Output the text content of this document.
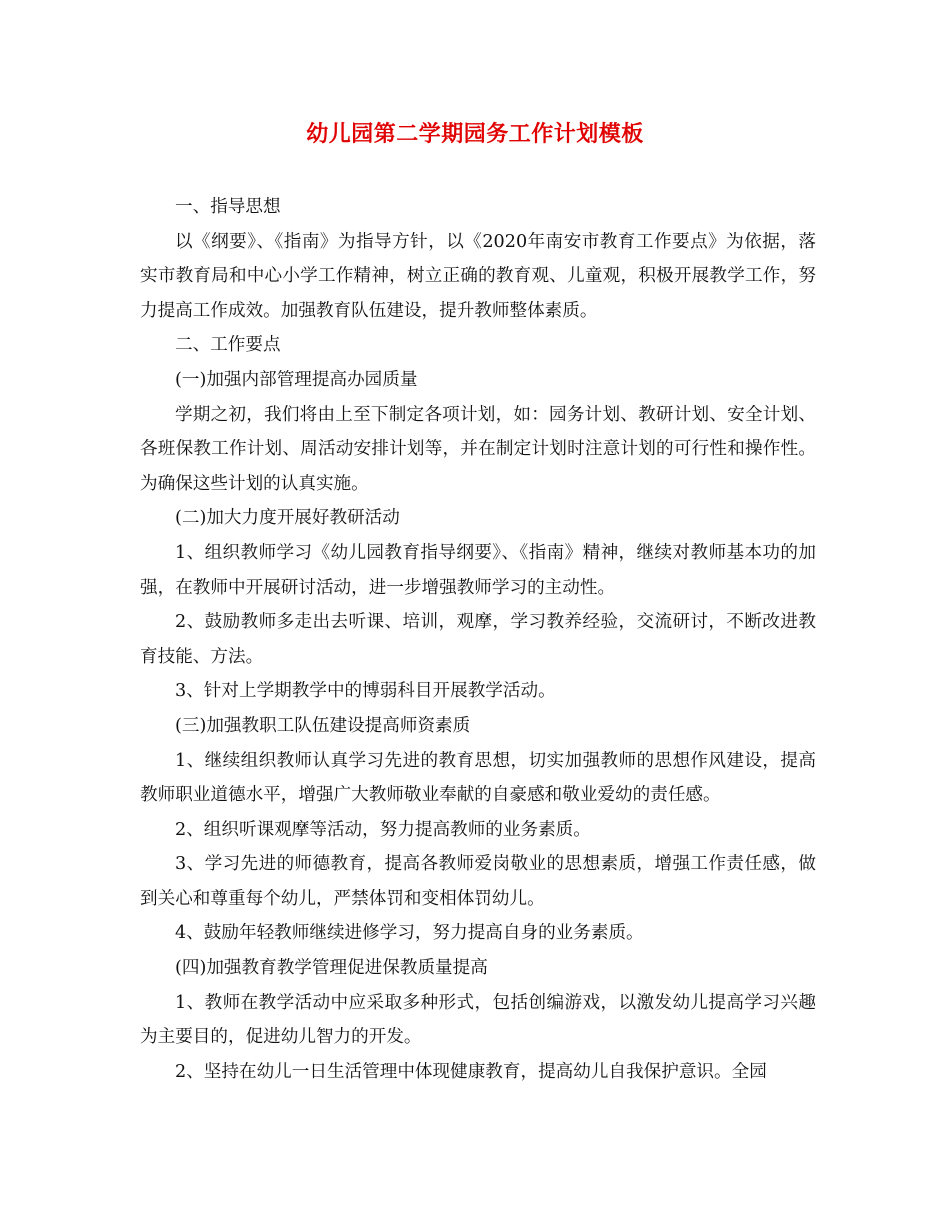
幼儿园第二学期园务工作计划模板

一、指导思想

以《纲要》、《指南》为指导方针，以《2020年南安市教育工作要点》为依据，落实市教育局和中心小学工作精神，树立正确的教育观、儿童观，积极开展教学工作，努力提高工作成效。加强教育队伍建设，提升教师整体素质。

二、工作要点

(一)加强内部管理提高办园质量

学期之初，我们将由上至下制定各项计划，如：园务计划、教研计划、安全计划、各班保教工作计划、周活动安排计划等，并在制定计划时注意计划的可行性和操作性。为确保这些计划的认真实施。

(二)加大力度开展好教研活动

1、组织教师学习《幼儿园教育指导纲要》、《指南》精神，继续对教师基本功的加强，在教师中开展研讨活动，进一步增强教师学习的主动性。

2、鼓励教师多走出去听课、培训，观摩，学习教养经验，交流研讨，不断改进教育技能、方法。

3、针对上学期教学中的博弱科目开展教学活动。

(三)加强教职工队伍建设提高师资素质

1、继续组织教师认真学习先进的教育思想，切实加强教师的思想作风建设，提高教师职业道德水平，增强广大教师敬业奉献的自豪感和敬业爱幼的责任感。

2、组织听课观摩等活动，努力提高教师的业务素质。

3、学习先进的师德教育，提高各教师爱岗敬业的思想素质，增强工作责任感，做到关心和尊重每个幼儿，严禁体罚和变相体罚幼儿。

4、鼓励年轻教师继续进修学习，努力提高自身的业务素质。

(四)加强教育教学管理促进保教质量提高

1、教师在教学活动中应采取多种形式，包括创编游戏，以激发幼儿提高学习兴趣为主要目的，促进幼儿智力的开发。

2、坚持在幼儿一日生活管理中体现健康教育，提高幼儿自我保护意识。全园
